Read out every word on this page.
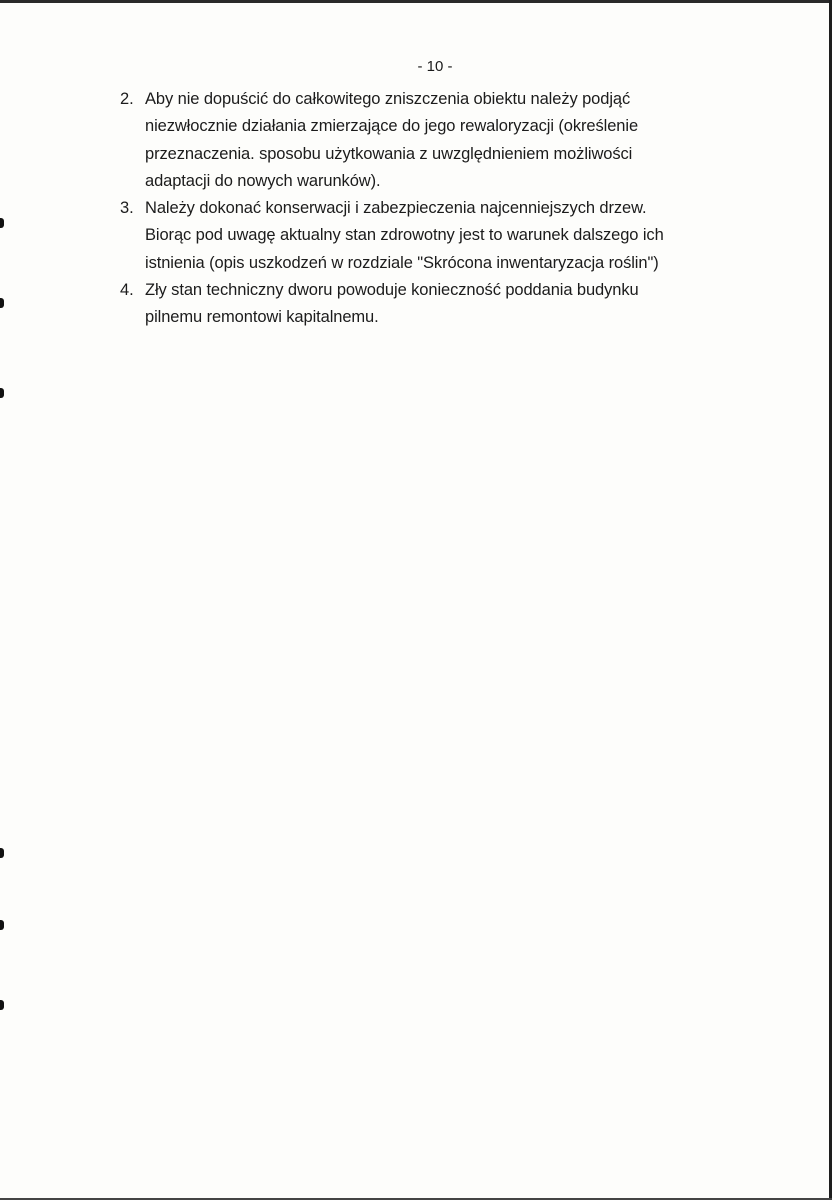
- 10 -
2. Aby nie dopuścić do całkowitego zniszczenia obiektu należy podjąć
niezwłocznie działania zmierzające do jego rewaloryzacji (określenie
przeznaczenia. sposobu użytkowania z uwzględnieniem możliwości
adaptacji do nowych warunków).
3. Należy dokonać konserwacji i zabezpieczenia najcenniejszych drzew.
Biorąc pod uwagę aktualny stan zdrowotny jest to warunek dalszego ich
istnienia (opis uszkodzeń w rozdziale "Skrócona inwentaryzacja roślin")
4. Zły stan techniczny dworu powoduje konieczność poddania budynku
pilnemu remontowi kapitalnemu.
